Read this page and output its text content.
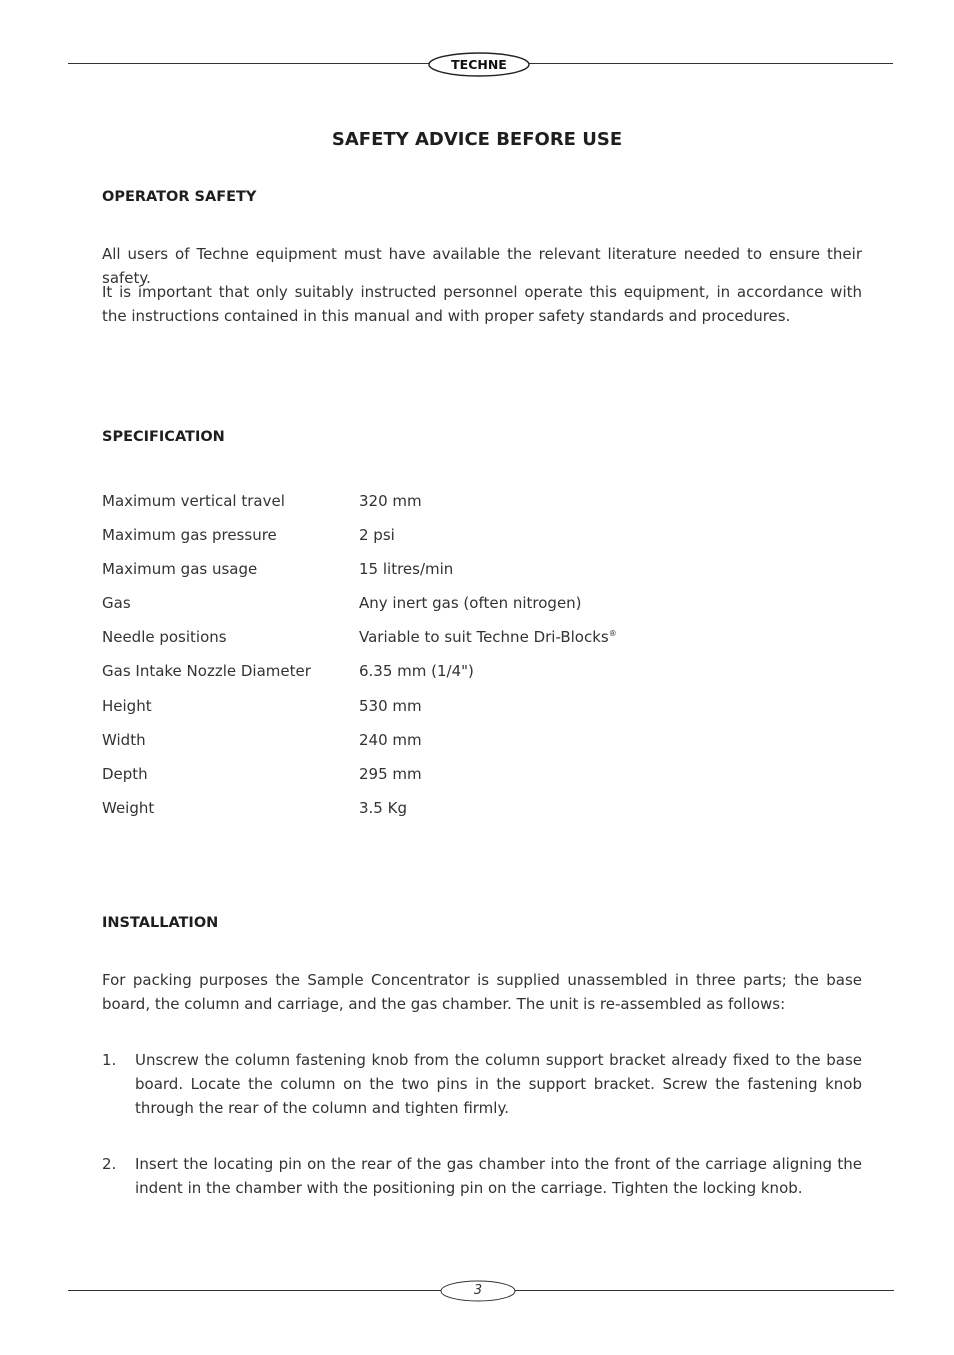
TECHNE
SAFETY ADVICE BEFORE USE
OPERATOR SAFETY
All users of Techne equipment must have available the relevant literature needed to ensure their safety.
It is important that only suitably instructed personnel operate this equipment, in accordance with the instructions contained in this manual and with proper safety standards and procedures.
SPECIFICATION
Maximum vertical travel	320 mm
Maximum gas pressure	2 psi
Maximum gas usage	15 litres/min
Gas	Any inert gas (often nitrogen)
Needle positions	Variable to suit Techne Dri-Blocks®
Gas Intake Nozzle Diameter	6.35 mm (1/4")
Height	530 mm
Width	240 mm
Depth	295 mm
Weight	3.5 Kg
INSTALLATION
For packing purposes the Sample Concentrator is supplied unassembled in three parts; the base board, the column and carriage, and the gas chamber. The unit is re-assembled as follows:
1.	Unscrew the column fastening knob from the column support bracket already fixed to the base board. Locate the column on the two pins in the support bracket. Screw the fastening knob through the rear of the column and tighten firmly.
2.	Insert the locating pin on the rear of the gas chamber into the front of the carriage aligning the indent in the chamber with the positioning pin on the carriage. Tighten the locking knob.
3
